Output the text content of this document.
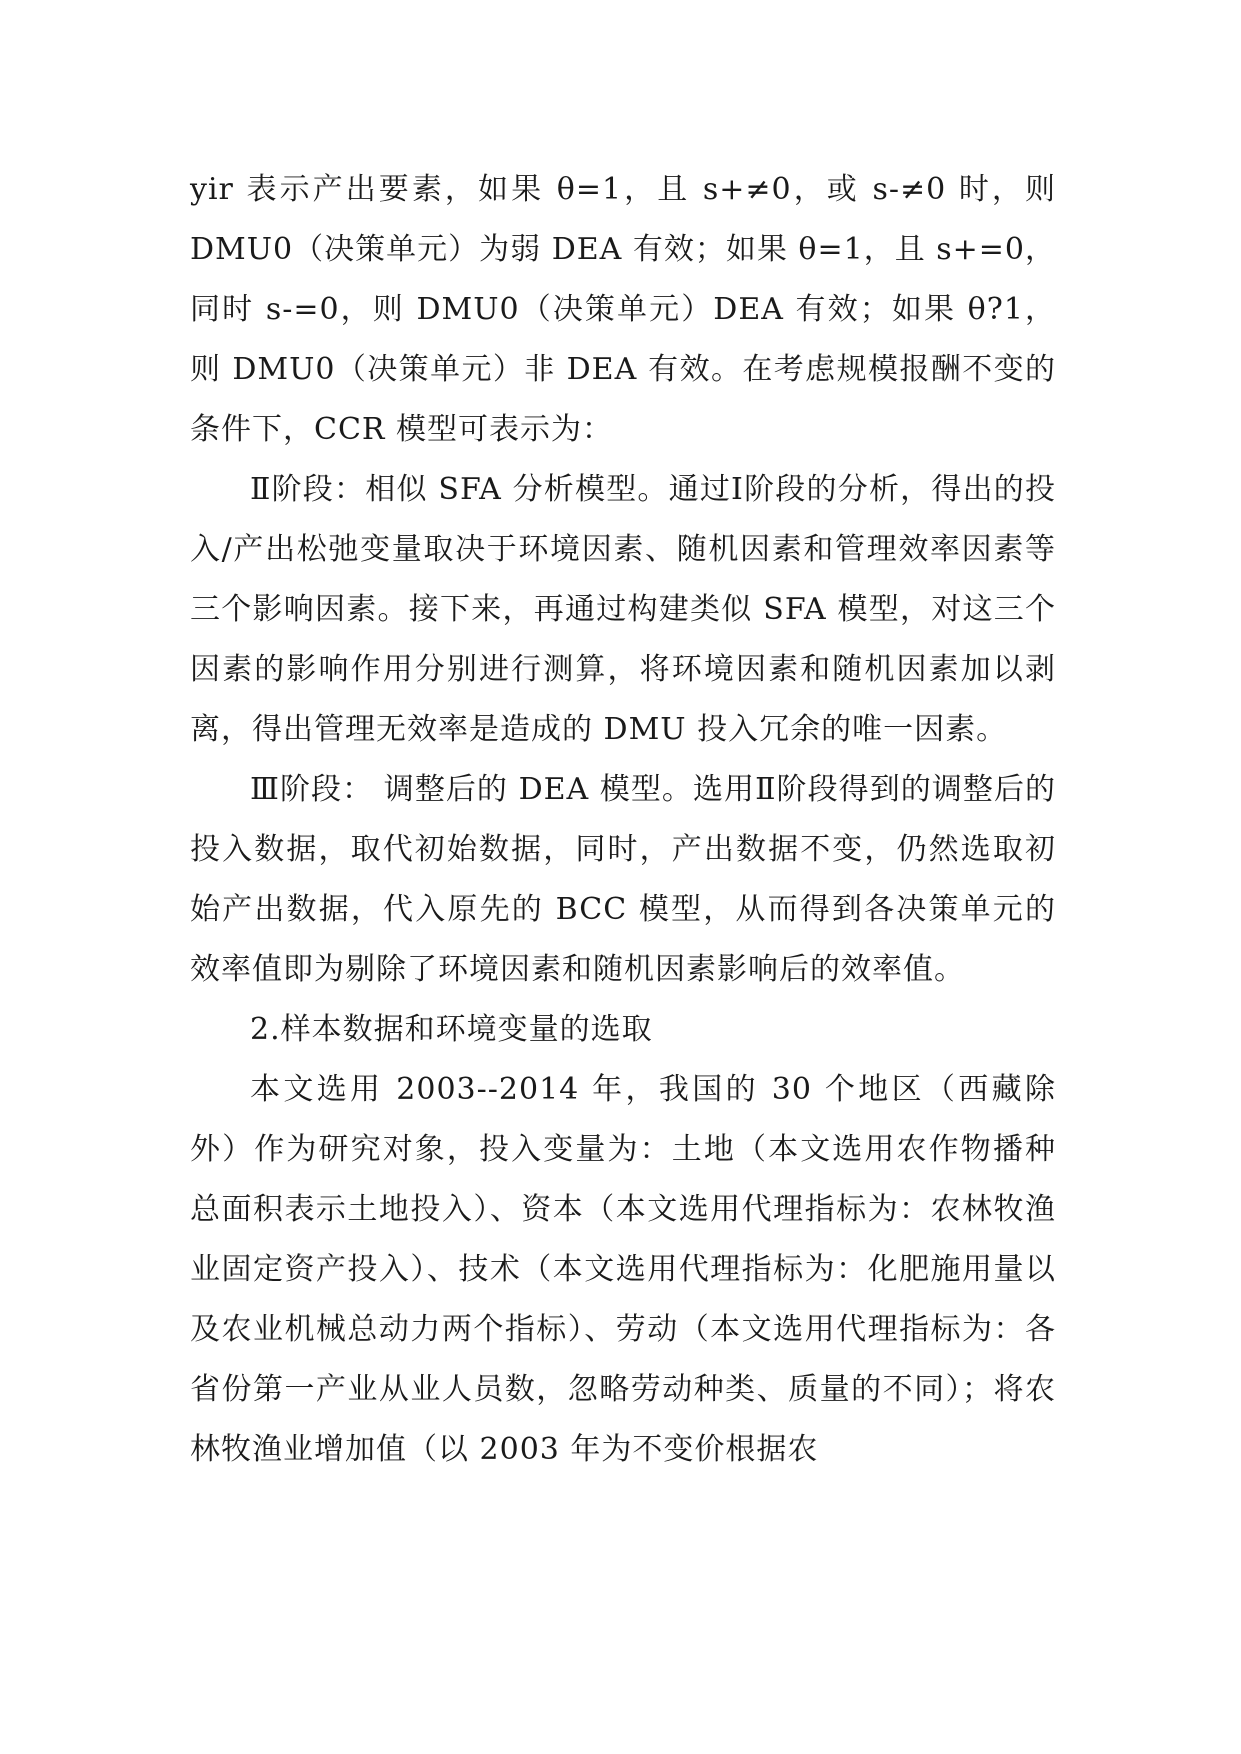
yir 表示产出要素，如果 θ=1，且 s+≠0，或 s-≠0 时，则 DMU0（决策单元）为弱 DEA 有效；如果 θ=1，且 s+=0，同时 s-=0，则 DMU0（决策单元）DEA 有效；如果 θ?1，则 DMU0（决策单元）非 DEA 有效。在考虑规模报酬不变的条件下，CCR 模型可表示为：

Ⅱ阶段：相似 SFA 分析模型。通过Ⅰ阶段的分析，得出的投入/产出松弛变量取决于环境因素、随机因素和管理效率因素等三个影响因素。接下来，再通过构建类似 SFA 模型，对这三个因素的影响作用分别进行测算，将环境因素和随机因素加以剥离，得出管理无效率是造成的 DMU 投入冗余的唯一因素。

Ⅲ阶段： 调整后的 DEA 模型。选用Ⅱ阶段得到的调整后的投入数据，取代初始数据，同时，产出数据不变，仍然选取初始产出数据，代入原先的 BCC 模型，从而得到各决策单元的效率值即为剔除了环境因素和随机因素影响后的效率值。

2.样本数据和环境变量的选取

本文选用 2003--2014 年，我国的 30 个地区（西藏除外）作为研究对象，投入变量为：土地（本文选用农作物播种总面积表示土地投入）、资本（本文选用代理指标为：农林牧渔业固定资产投入）、技术（本文选用代理指标为：化肥施用量以及农业机械总动力两个指标）、劳动（本文选用代理指标为：各省份第一产业从业人员数，忽略劳动种类、质量的不同）；将农林牧渔业增加值（以 2003 年为不变价根据农
